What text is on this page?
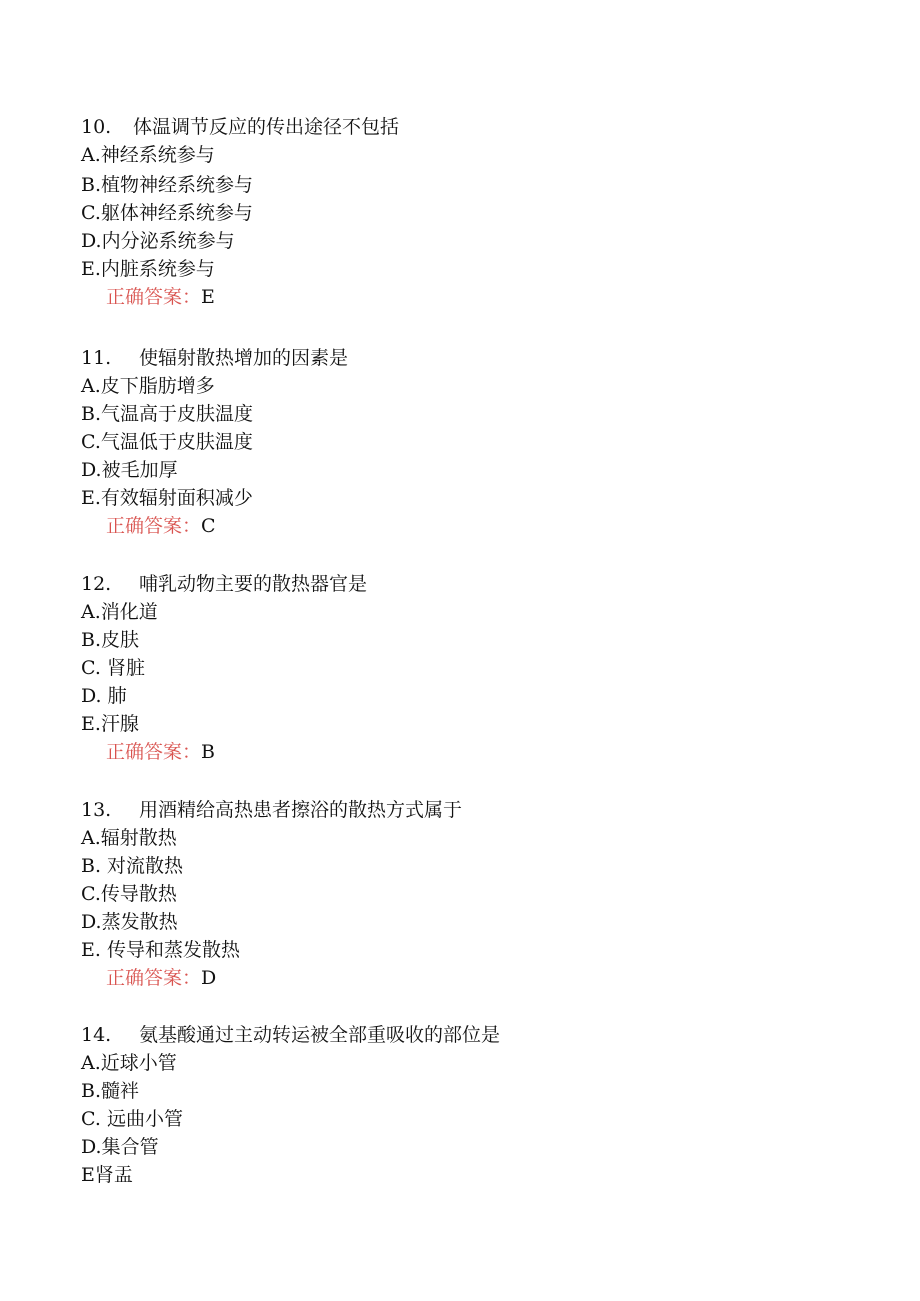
10. 体温调节反应的传出途径不包括
A.神经系统参与
B.植物神经系统参与
C.躯体神经系统参与
D.内分泌系统参与
E.内脏系统参与
正确答案：E
11. 使辐射散热增加的因素是
A.皮下脂肪增多
B.气温高于皮肤温度
C.气温低于皮肤温度
D.被毛加厚
E.有效辐射面积减少
正确答案：C
12. 哺乳动物主要的散热器官是
A.消化道
B.皮肤
C. 肾脏
D. 肺
E.汗腺
正确答案：B
13. 用酒精给高热患者擦浴的散热方式属于
A.辐射散热
B. 对流散热
C.传导散热
D.蒸发散热
E. 传导和蒸发散热
正确答案：D
14. 氨基酸通过主动转运被全部重吸收的部位是
A.近球小管
B.髓袢
C. 远曲小管
D.集合管
E肾盂
